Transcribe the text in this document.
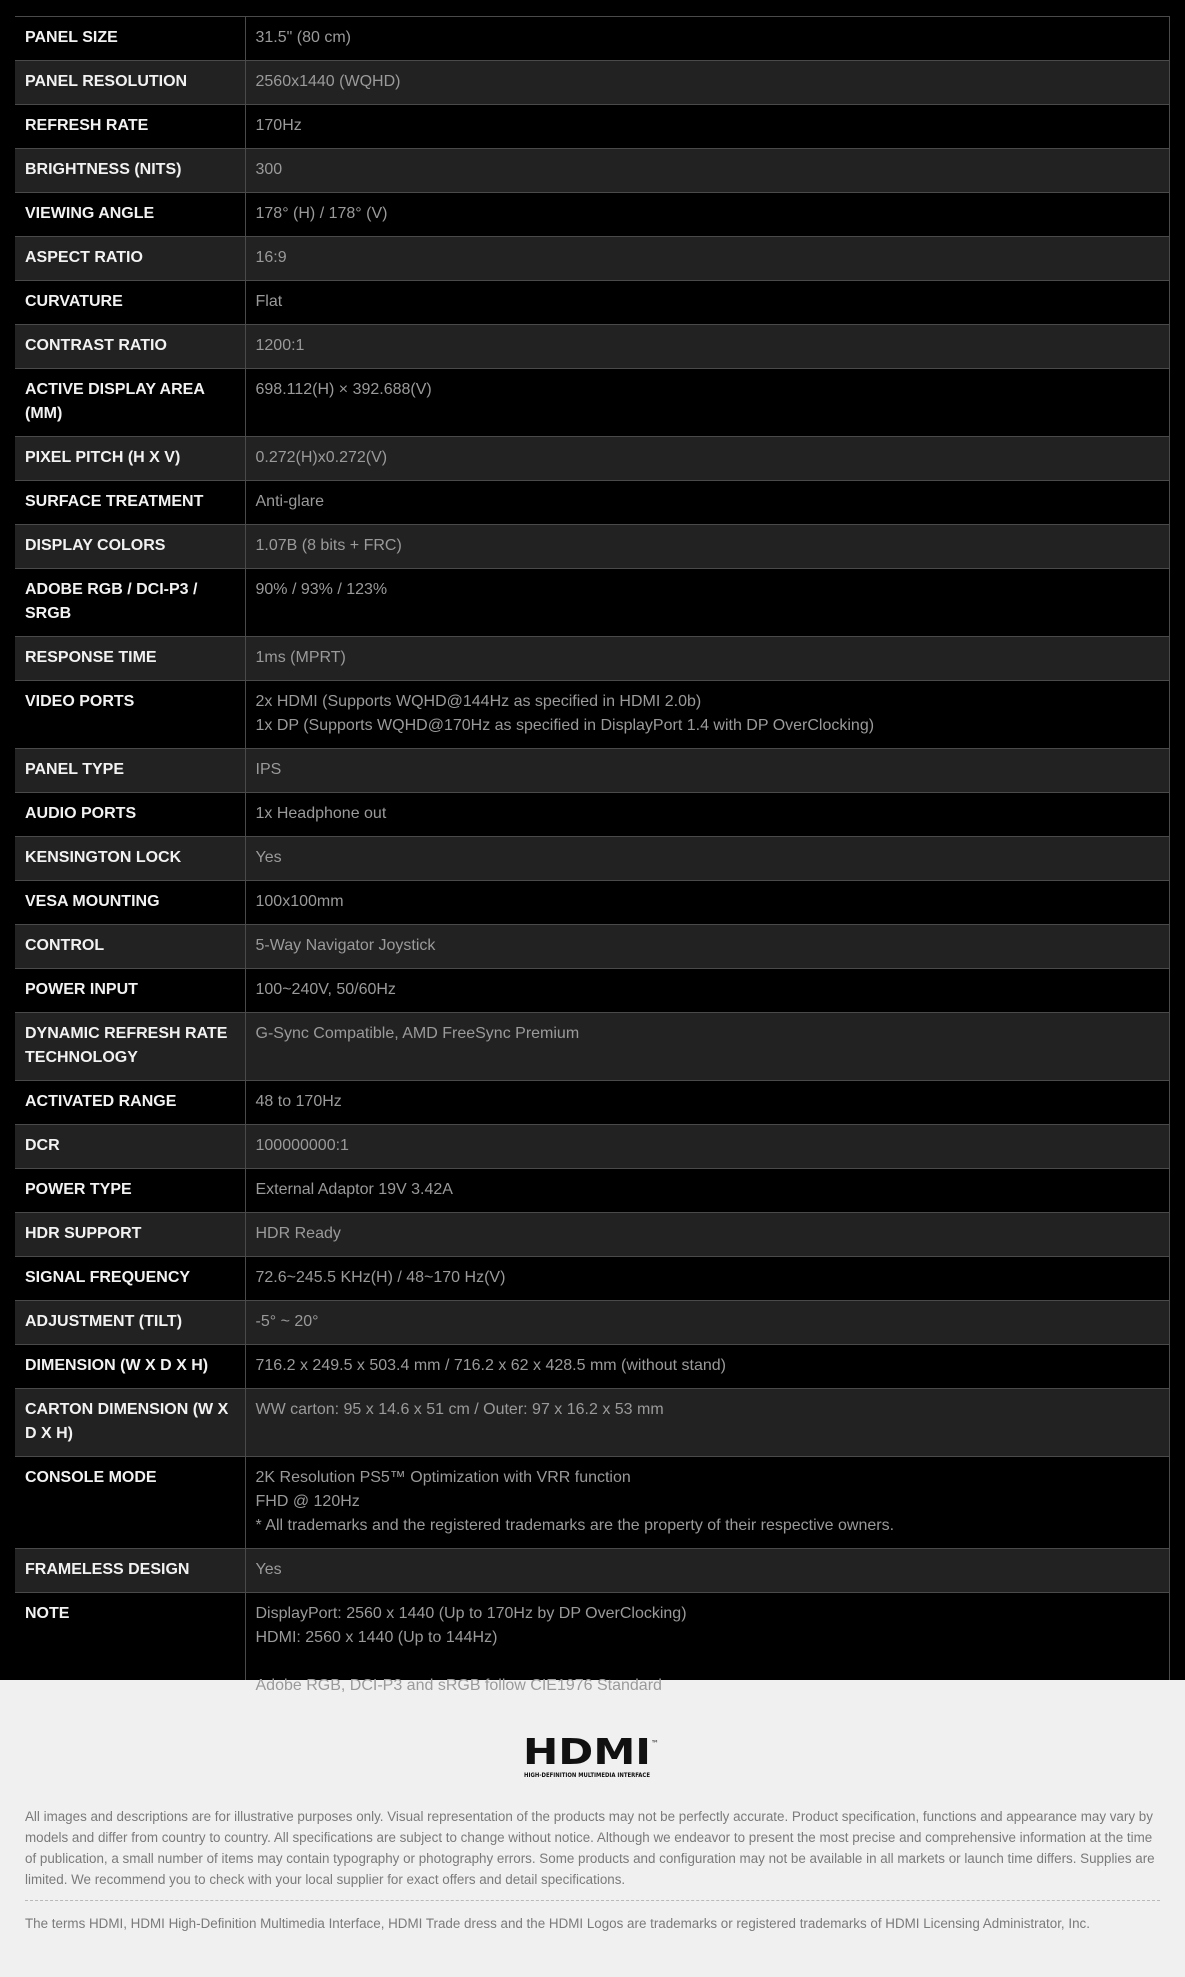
PANEL SIZE	31.5" (80 cm)

PANEL RESOLUTION	2560x1440 (WQHD)

REFRESH RATE	170Hz

BRIGHTNESS (NITS)	300

VIEWING ANGLE	178° (H) / 178° (V)

ASPECT RATIO	16:9

CURVATURE	Flat

CONTRAST RATIO	1200:1

ACTIVE DISPLAY AREA (MM)	698.112(H) × 392.688(V)

PIXEL PITCH (H X V)	0.272(H)x0.272(V)

SURFACE TREATMENT	Anti-glare

DISPLAY COLORS	1.07B (8 bits + FRC)

ADOBE RGB / DCI-P3 / SRGB	90% / 93% / 123%

RESPONSE TIME	1ms (MPRT)

VIDEO PORTS	2x HDMI (Supports WQHD@144Hz as specified in HDMI 2.0b)
1x DP (Supports WQHD@170Hz as specified in DisplayPort 1.4 with DP OverClocking)

PANEL TYPE	IPS

AUDIO PORTS	1x Headphone out

KENSINGTON LOCK	Yes

VESA MOUNTING	100x100mm

CONTROL	5-Way Navigator Joystick

POWER INPUT	100~240V, 50/60Hz

DYNAMIC REFRESH RATE TECHNOLOGY	G-Sync Compatible, AMD FreeSync Premium

ACTIVATED RANGE	48 to 170Hz

DCR	100000000:1

POWER TYPE	External Adaptor 19V 3.42A

HDR SUPPORT	HDR Ready

SIGNAL FREQUENCY	72.6~245.5 KHz(H) / 48~170 Hz(V)

ADJUSTMENT (TILT)	-5° ~ 20°

DIMENSION (W X D X H)	716.2 x 249.5 x 503.4 mm / 716.2 x 62 x 428.5 mm (without stand)

CARTON DIMENSION (W X D X H)	WW carton: 95 x 14.6 x 51 cm / Outer: 97 x 16.2 x 53 mm

CONSOLE MODE	2K Resolution PS5™ Optimization with VRR function
FHD @ 120Hz
* All trademarks and the registered trademarks are the property of their respective owners.

FRAMELESS DESIGN	Yes

NOTE	DisplayPort: 2560 x 1440 (Up to 170Hz by DP OverClocking)
HDMI: 2560 x 1440 (Up to 144Hz)
Adobe RGB, DCI-P3 and sRGB follow CIE1976 Standard
HDMI ™
HIGH-DEFINITION MULTIMEDIA INTERFACE
All images and descriptions are for illustrative purposes only. Visual representation of the products may not be perfectly accurate. Product specification, functions and appearance may vary by models and differ from country to country. All specifications are subject to change without notice. Although we endeavor to present the most precise and comprehensive information at the time of publication, a small number of items may contain typography or photography errors. Some products and configuration may not be available in all markets or launch time differs. Supplies are limited. We recommend you to check with your local supplier for exact offers and detail specifications.
The terms HDMI, HDMI High-Definition Multimedia Interface, HDMI Trade dress and the HDMI Logos are trademarks or registered trademarks of HDMI Licensing Administrator, Inc.
